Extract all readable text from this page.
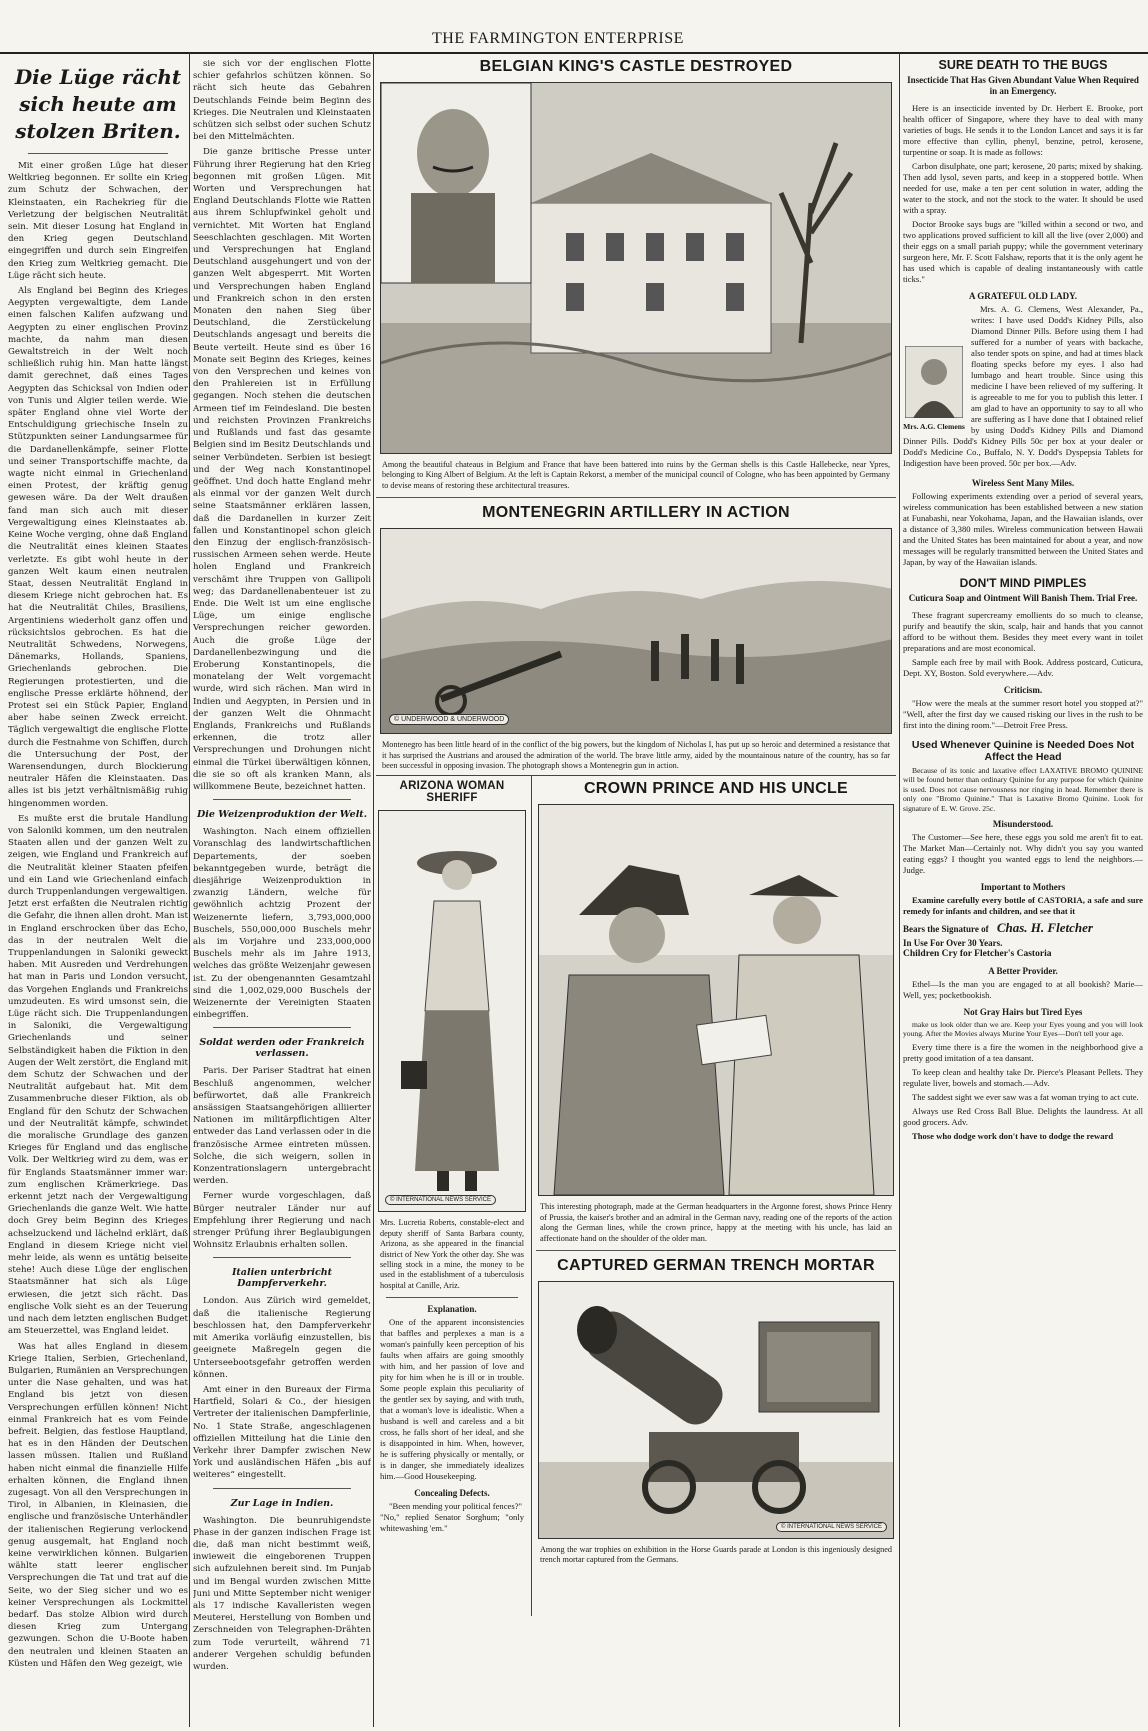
THE FARMINGTON ENTERPRISE
Die Lüge rächt sich heute am stolzen Briten.

Mit einer großen Lüge hat dieser Weltkrieg begonnen. Er sollte ein Krieg zum Schutz der Schwachen, der Kleinstaaten, ein Rachekrieg für die Verletzung der belgischen Neutralität sein. Mit dieser Losung hat England in den Krieg gegen Deutschland eingegriffen und durch sein Eingreifen den Krieg zum Weltkrieg gemacht. Die Lüge rächt sich heute.

Als England bei Beginn des Krieges Aegypten vergewaltigte, dem Lande einen falschen Kalifen aufzwang und Aegypten zu einer englischen Provinz machte, da nahm man diesen Gewaltstreich in der Welt noch schließlich ruhig hin. Man hatte längst damit gerechnet, daß eines Tages Aegypten das Schicksal von Indien oder von Tunis und Algier teilen werde. Wie später England ohne viel Worte der Entschuldigung griechische Inseln zu Stützpunkten seiner Landungsarmee für die Dardanellenkämpfe, seiner Flotte und seiner Transportschiffe machte, da wagte nicht einmal in Griechenland einen Protest, der kräftig genug gewesen wäre. Da der Welt draußen fand man sich auch mit dieser Vergewaltigung eines Kleinstaates ab. Keine Woche verging, ohne daß England die Neutralität eines kleinen Staates verletzte. Es gibt wohl heute in der ganzen Welt kaum einen neutralen Staat, dessen Neutralität England in diesem Kriege nicht gebrochen hat. Es hat die Neutralität Chiles, Brasiliens, Argentiniens wiederholt ganz offen und rücksichtslos gebrochen. Es hat die Neutralität Schwedens, Norwegens, Dänemarks, Hollands, Spaniens, Griechenlands gebrochen. Die Regierungen protestierten, und die englische Presse erklärte höhnend, der Protest sei ein Stück Papier, England aber habe seinen Zweck erreicht. Täglich vergewaltigt die englische Flotte durch die Festnahme von Schiffen, durch die Untersuchung der Post, der Warensendungen, durch Blockierung neutraler Häfen die Kleinstaaten. Das alles ist bis jetzt verhältnismäßig ruhig hingenommen worden.

Es mußte erst die brutale Handlung von Saloniki kommen, um den neutralen Staaten allen und der ganzen Welt zu zeigen, wie England und Frankreich auf die Neutralität kleiner Staaten pfeifen und ein Land wie Griechenland einfach durch Truppenlandungen vergewaltigen. Jetzt erst erfaßten die Neutralen richtig die Gefahr, die ihnen allen droht. Man ist in England erschrocken über das Echo, das in der neutralen Welt die Truppenlandungen in Saloniki geweckt haben. Mit Ausreden und Verdrehungen hat man in Paris und London versucht, das Vorgehen Englands und Frankreichs umzudeuten. Es wird umsonst sein, die Lüge rächt sich. Die Truppenlandungen in Saloniki, die Vergewaltigung Griechenlands und seiner Selbständigkeit haben die Fiktion in den Augen der Welt zerstört, die England mit dem Schutz der Schwachen und der Neutralität aufgebaut hat. Mit dem Zusammenbruche dieser Fiktion, als ob England für den Schutz der Schwachen und der Neutralität kämpfe, schwindet die moralische Grundlage des ganzen Krieges für England und das englische Volk. Der Weltkrieg wird zu dem, was er für Englands Staatsmänner immer war: zum englischen Krämerkriege. Das erkennt jetzt nach der Vergewaltigung Griechenlands die ganze Welt. Wie hatte doch Grey beim Beginn des Krieges achselzuckend und lächelnd erklärt, daß England in diesem Kriege nicht viel mehr leide, als wenn es untätig beiseite stehe! Auch diese Lüge der englischen Staatsmänner hat sich als Lüge erwiesen, die jetzt sich rächt. Das englische Volk sieht es an der Teuerung und nach dem letzten englischen Budget am Steuerzettel, was England leidet.

Was hat alles England in diesem Kriege Italien, Serbien, Griechenland, Bulgarien, Rumänien an Versprechungen unter die Nase gehalten, und was hat England bis jetzt von diesen Versprechungen erfüllen können! Nicht einmal Frankreich hat es vom Feinde befreit. Belgien, das festlose Hauptland, hat es in den Händen der Deutschen lassen müssen. Italien und Rußland haben nicht einmal die finanzielle Hilfe erhalten können, die England ihnen zugesagt. Von all den Versprechungen in Tirol, in Albanien, in Kleinasien, die englische und französische Unterhändler der italienischen Regierung verlockend genug ausgemalt, hat England noch keine verwirklichen können. Bulgarien wählte statt leerer englischer Versprechungen die Tat und trat auf die Seite, wo der Sieg sicher und wo es keiner Versprechungen als Lockmittel bedarf. Das stolze Albion wird durch diesen Krieg zum Untergang gezwungen. Schon die U-Boote haben den neutralen und kleinen Staaten an Küsten und Häfen den Weg gezeigt, wie

sie sich vor der englischen Flotte schier gefahrlos schützen können. So rächt sich heute das Gebahren Deutschlands Feinde beim Beginn des Krieges. Die Neutralen und Kleinstaaten schützen sich selbst oder suchen Schutz bei den Mittelmächten.

Die ganze britische Presse unter Führung ihrer Regierung hat den Krieg begonnen mit großen Lügen. Mit Worten und Versprechungen hat England Deutschlands Flotte wie Ratten aus ihrem Schlupfwinkel geholt und vernichtet. Mit Worten hat England Seeschlachten geschlagen. Mit Worten und Versprechungen hat England Deutschland ausgehungert und von der ganzen Welt abgesperrt. Mit Worten und Versprechungen haben England und Frankreich schon in den ersten Monaten den nahen Sieg über Deutschland, die Zerstückelung Deutschlands angesagt und bereits die Beute verteilt. Heute sind es über 16 Monate seit Beginn des Krieges, keines von den Versprechen und keines von den Prahlereien ist in Erfüllung gegangen. Noch stehen die deutschen Armeen tief im Feindesland. Die besten und reichsten Provinzen Frankreichs und Rußlands und fast das gesamte Belgien sind im Besitz Deutschlands und seiner Verbündeten. Serbien ist besiegt und der Weg nach Konstantinopel geöffnet. Und doch hatte England mehr als einmal vor der ganzen Welt durch seine Staatsmänner erklären lassen, daß die Dardanellen in kurzer Zeit fallen und Konstantinopel schon gleich den Einzug der englisch-französisch-russischen Armeen sehen werde. Heute holen England und Frankreich verschämt ihre Truppen von Gallipoli weg; das Dardanellenabenteuer ist zu Ende. Die Welt ist um eine englische Lüge, um einige englische Versprechungen reicher geworden. Auch die große Lüge der Dardanellenbezwingung und die Eroberung Konstantinopels, die monatelang der Welt vorgemacht wurde, wird sich rächen. Man wird in Indien und Aegypten, in Persien und in der ganzen Welt die Ohnmacht Englands, Frankreichs und Rußlands erkennen, die trotz aller Versprechungen und Drohungen nicht einmal die Türkei überwältigen können, die sie so oft als kranken Mann, als willkommene Beute, bezeichnet hatten.

Die Weizenproduktion der Welt.

Washington. Nach einem offiziellen Voranschlag des landwirtschaftlichen Departements, der soeben bekanntgegeben wurde, beträgt die diesjährige Weizenproduktion in zwanzig Ländern, welche für gewöhnlich achtzig Prozent der Weizenernte liefern, 3,793,000,000 Buschels, 550,000,000 Buschels mehr als im Vorjahre und 233,000,000 Buschels mehr als im Jahre 1913, welches das größte Weizenjahr gewesen ist. Zu der obengenannten Gesamtzahl sind die 1,002,029,000 Buschels der Weizenernte der Vereinigten Staaten einbegriffen.

Soldat werden oder Frankreich verlassen.

Paris. Der Pariser Stadtrat hat einen Beschluß angenommen, welcher befürwortet, daß alle Frankreich ansässigen Staatsangehörigen alliierter Nationen im militärpflichtigen Alter entweder das Land verlassen oder in die französische Armee eintreten müssen. Solche, die sich weigern, sollen in Konzentrationslagern untergebracht werden.

Ferner wurde vorgeschlagen, daß Bürger neutraler Länder nur auf Empfehlung ihrer Regierung und nach strenger Prüfung ihrer Beglaubigungen Wohnsitz Erlaubnis erhalten sollen.

Italien unterbricht Dampferverkehr.

London. Aus Zürich wird gemeldet, daß die italienische Regierung beschlossen hat, den Dampferverkehr mit Amerika vorläufig einzustellen, bis geeignete Maßregeln gegen die Unterseebootsgefahr getroffen werden können.

Amt einer in den Bureaux der Firma Hartfield, Solari & Co., der hiesigen Vertreter der italienischen Dampferlinie, No. 1 State Straße, angeschlagenen offiziellen Mitteilung hat die Linie den Verkehr ihrer Dampfer zwischen New York und ausländischen Häfen „bis auf weiteres“ eingestellt.

Zur Lage in Indien.

Washington. Die beunruhigendste Phase in der ganzen indischen Frage ist die, daß man nicht bestimmt weiß, inwieweit die eingeborenen Truppen sich aufzulehnen bereit sind. Im Punjab und im Bengal wurden zwischen Mitte Juni und Mitte September nicht weniger als 17 indische Kavalleristen wegen Meuterei, Herstellung von Bomben und Zerschneiden von Telegraphen-Drähten zum Tode verurteilt, während 71 anderer Vergehen schuldig befunden wurden.

BELGIAN KING'S CASTLE DESTROYED

Among the beautiful chateaus in Belgium and France that have been battered into ruins by the German shells is this Castle Hallebecke, near Ypres, belonging to King Albert of Belgium. At the left is Captain Rekorst, a member of the municipal council of Cologne, who has been appointed by Germany to devise means of restoring these architectural treasures.

MONTENEGRIN ARTILLERY IN ACTION
© UNDERWOOD & UNDERWOOD

Montenegro has been little heard of in the conflict of the big powers, but the kingdom of Nicholas I, has put up so heroic and determined a resistance that it has surprised the Austrians and aroused the admiration of the world. The brave little army, aided by the mountainous nature of the country, has so far been successful in opposing invasion. The photograph shows a Montenegrin gun in action.

ARIZONA WOMAN SHERIFF
© INTERNATIONAL NEWS SERVICE

Mrs. Lucretia Roberts, constable-elect and deputy sheriff of Santa Barbara county, Arizona, as she appeared in the financial district of New York the other day. She was selling stock in a mine, the money to be used in the establishment of a tuberculosis hospital at Canille, Ariz.

Explanation.

One of the apparent inconsistencies that baffles and perplexes a man is a woman's painfully keen perception of his faults when affairs are going smoothly with him, and her passion of love and pity for him when he is ill or in trouble. Some people explain this peculiarity of the gentler sex by saying, and with truth, that a woman's love is idealistic. When a husband is well and careless and a bit cross, he falls short of her ideal, and she is disappointed in him. When, however, he is suffering physically or mentally, or is in danger, she immediately idealizes him.—Good Housekeeping.

Concealing Defects.

"Been mending your political fences?"
"No," replied Senator Sorghum; "only whitewashing 'em."

CROWN PRINCE AND HIS UNCLE

This interesting photograph, made at the German headquarters in the Argonne forest, shows Prince Henry of Prussia, the kaiser's brother and an admiral in the German navy, reading one of the reports of the action along the German lines, while the crown prince, happy at the meeting with his uncle, has laid an affectionate hand on the shoulder of the older man.

CAPTURED GERMAN TRENCH MORTAR
© INTERNATIONAL NEWS SERVICE

Among the war trophies on exhibition in the Horse Guards parade at London is this ingeniously designed trench mortar captured from the Germans.

SURE DEATH TO THE BUGS
Insecticide That Has Given Abundant Value When Required in an Emergency.

Here is an insecticide invented by Dr. Herbert E. Brooke, port health officer of Singapore, where they have to deal with many varieties of bugs. He sends it to the London Lancet and says it is far more effective than cyllin, phenyl, benzine, petrol, kerosene, turpentine or soap. It is made as follows:

Carbon disulphate, one part; kerosene, 20 parts; mixed by shaking. Then add lysol, seven parts, and keep in a stoppered bottle. When needed for use, make a ten per cent solution in water, adding the water to the stock, and not the stock to the water. It should be used with a spray.

Doctor Brooke says bugs are "killed within a second or two, and two applications proved sufficient to kill all the live (over 2,000) and their eggs on a small pariah puppy; while the government veterinary surgeon here, Mr. F. Scott Falshaw, reports that it is the only agent he has used which is capable of dealing instantaneously with cattle ticks."

A GRATEFUL OLD LADY.
Mrs. A.G. Clemens

Mrs. A. G. Clemens, West Alexander, Pa., writes: I have used Dodd's Kidney Pills, also Diamond Dinner Pills. Before using them I had suffered for a number of years with backache, also tender spots on spine, and had at times black floating specks before my eyes. I also had lumbago and heart trouble. Since using this medicine I have been relieved of my suffering. It is agreeable to me for you to publish this letter. I am glad to have an opportunity to say to all who are suffering as I have done that I obtained relief by using Dodd's Kidney Pills and Diamond Dinner Pills. Dodd's Kidney Pills 50c per box at your dealer or Dodd's Medicine Co., Buffalo, N. Y. Dodd's Dyspepsia Tablets for Indigestion have been proved. 50c per box.—Adv.

Wireless Sent Many Miles.

Following experiments extending over a period of several years, wireless communication has been established between a new station at Funabashi, near Yokohama, Japan, and the Hawaiian islands, over a distance of 3,380 miles. Wireless communication between Hawaii and the United States has been maintained for about a year, and now messages will be regularly transmitted between the United States and Japan, by way of the Hawaiian islands.

DON'T MIND PIMPLES
Cuticura Soap and Ointment Will Banish Them. Trial Free.

These fragrant supercreamy emollients do so much to cleanse, purify and beautify the skin, scalp, hair and hands that you cannot afford to be without them. Besides they meet every want in toilet preparations and are most economical.

Sample each free by mail with Book. Address postcard, Cuticura, Dept. XY, Boston. Sold everywhere.—Adv.

Criticism.

"How were the meals at the summer resort hotel you stopped at?" "Well, after the first day we caused risking our lives in the rush to be first into the dining room."—Detroit Free Press.

Used Whenever Quinine is Needed Does Not Affect the Head

Because of its tonic and laxative effect LAXATIVE BROMO QUININE will be found better than ordinary Quinine for any purpose for which Quinine is used. Does not cause nervousness nor ringing in head. Remember there is only one "Bromo Quinine." That is Laxative Bromo Quinine. Look for signature of E. W. Grove. 25c.

Misunderstood.

The Customer—See here, these eggs you sold me aren't fit to eat. The Market Man—Certainly not. Why didn't you say you wanted eating eggs? I thought you wanted eggs to lend the neighbors.—Judge.

Important to Mothers

Examine carefully every bottle of CASTORIA, a safe and sure remedy for infants and children, and see that it

Bears the Signature of Chas. H. Fletcher
In Use For Over 30 Years.
Children Cry for Fletcher's Castoria
A Better Provider.

Ethel—Is the man you are engaged to at all bookish? Marie—Well, yes; pocketbookish.

Not Gray Hairs but Tired Eyes

make us look older than we are. Keep your Eyes young and you will look young. After the Movies always Murine Your Eyes—Don't tell your age.

Every time there is a fire the women in the neighborhood give a pretty good imitation of a tea dansant.

To keep clean and healthy take Dr. Pierce's Pleasant Pellets. They regulate liver, bowels and stomach.—Adv.

The saddest sight we ever saw was a fat woman trying to act cute.

Always use Red Cross Ball Blue. Delights the laundress. At all good grocers. Adv.

Those who dodge work don't have to dodge the reward
